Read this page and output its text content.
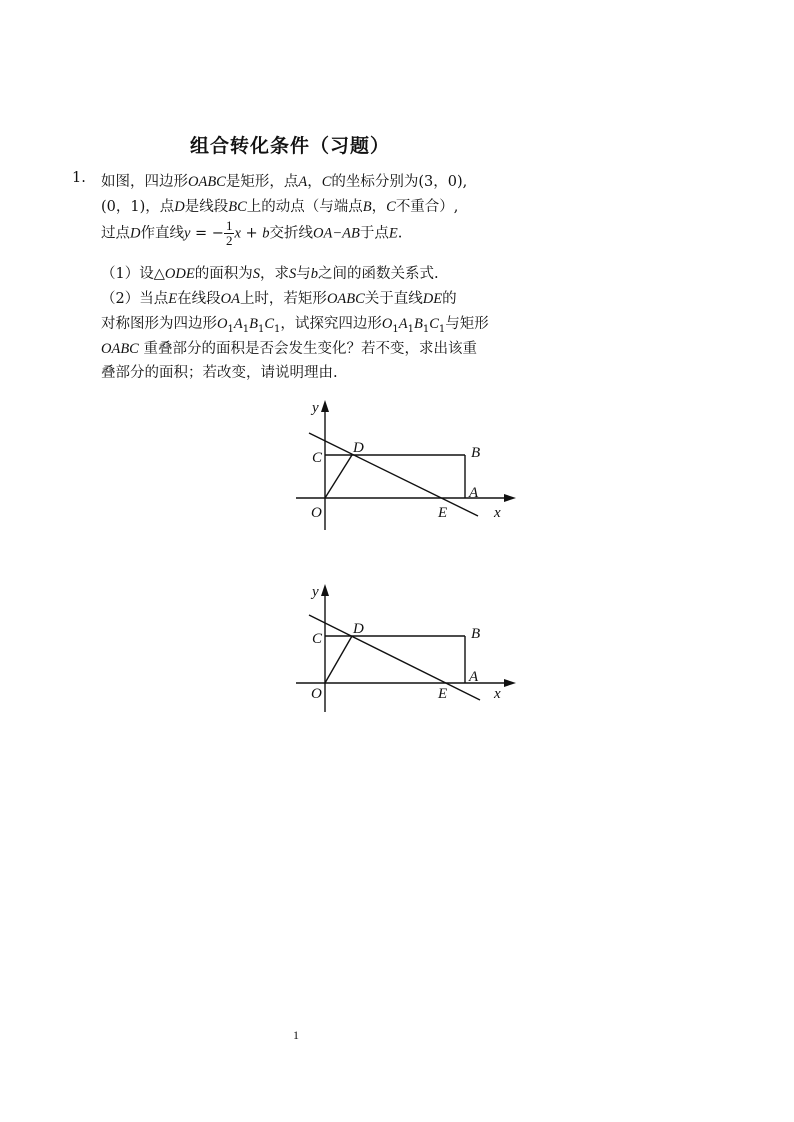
组合转化条件（习题）
1. 如图，四边形OABC是矩形，点A，C的坐标分别为(3，0),
(0，1)，点D是线段BC上的动点（与端点B，C不重合）,
过点D作直线y = − $\frac{1}{2}$ x + b交折线OA−AB于点E.
（1）设△ODE的面积为S，求S与b之间的函数关系式.
（2）当点E在线段OA上时，若矩形OABC关于直线DE的
对称图形为四边形$O_1A_1B_1C_1$，试探究四边形$O_1A_1B_1C_1$与矩形
OABC 重叠部分的面积是否会发生变化？若不变，求出该重
叠部分的面积；若改变，请说明理由.
y
x
O
C
D	B
A
E
y
x
O
C
D	B
A
E
1
